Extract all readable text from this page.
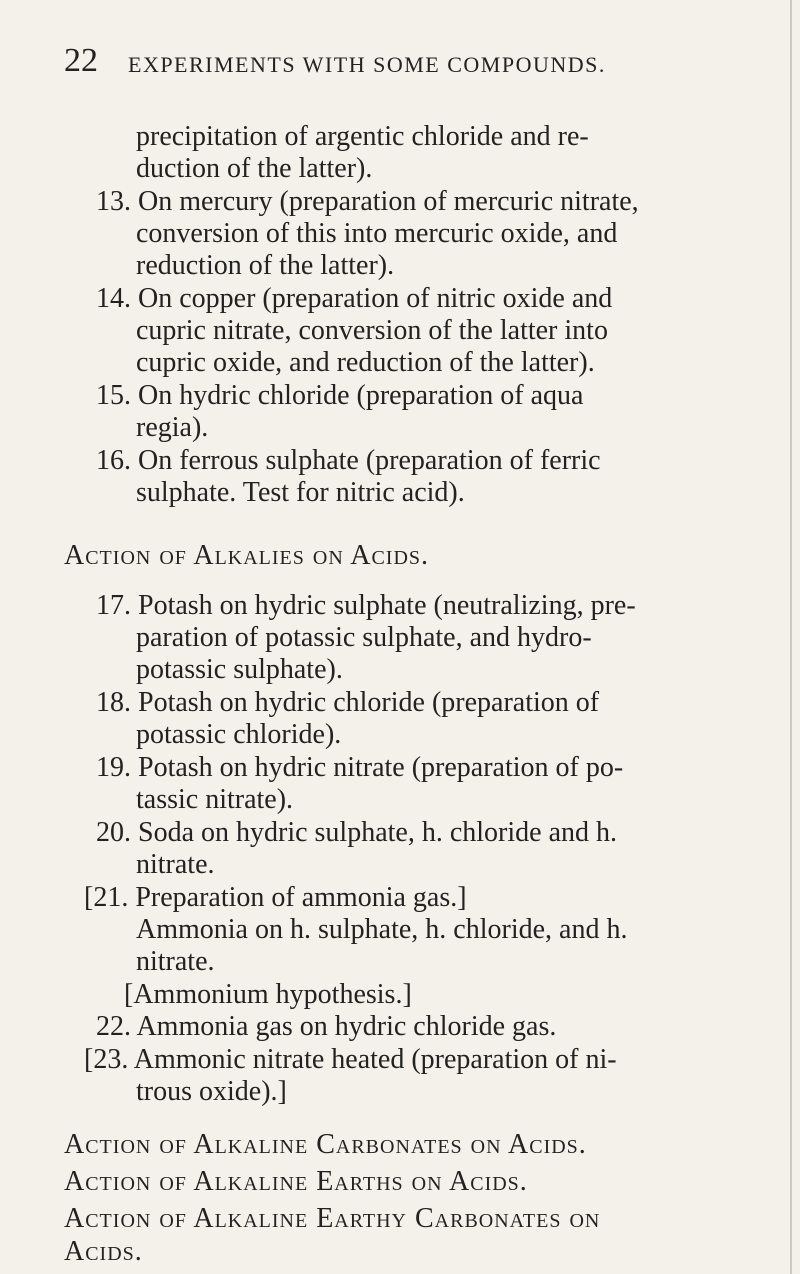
22 EXPERIMENTS WITH SOME COMPOUNDS.
precipitation of argentic chloride and re-
duction of the latter).
13. On mercury (preparation of mercuric nitrate,
conversion of this into mercuric oxide, and
reduction of the latter).
14. On copper (preparation of nitric oxide and
cupric nitrate, conversion of the latter into
cupric oxide, and reduction of the latter).
15. On hydric chloride (preparation of aqua
regia).
16. On ferrous sulphate (preparation of ferric
sulphate. Test for nitric acid).
Action of Alkalies on Acids.
17. Potash on hydric sulphate (neutralizing, pre-
paration of potassic sulphate, and hydro-
potassic sulphate).
18. Potash on hydric chloride (preparation of
potassic chloride).
19. Potash on hydric nitrate (preparation of po-
tassic nitrate).
20. Soda on hydric sulphate, h. chloride and h.
nitrate.
[21. Preparation of ammonia gas.]
Ammonia on h. sulphate, h. chloride, and h.
nitrate.
[Ammonium hypothesis.]
22. Ammonia gas on hydric chloride gas.
[23. Ammonic nitrate heated (preparation of ni-
trous oxide).]
Action of Alkaline Carbonates on Acids.
Action of Alkaline Earths on Acids.
Action of Alkaline Earthy Carbonates on
Acids.
